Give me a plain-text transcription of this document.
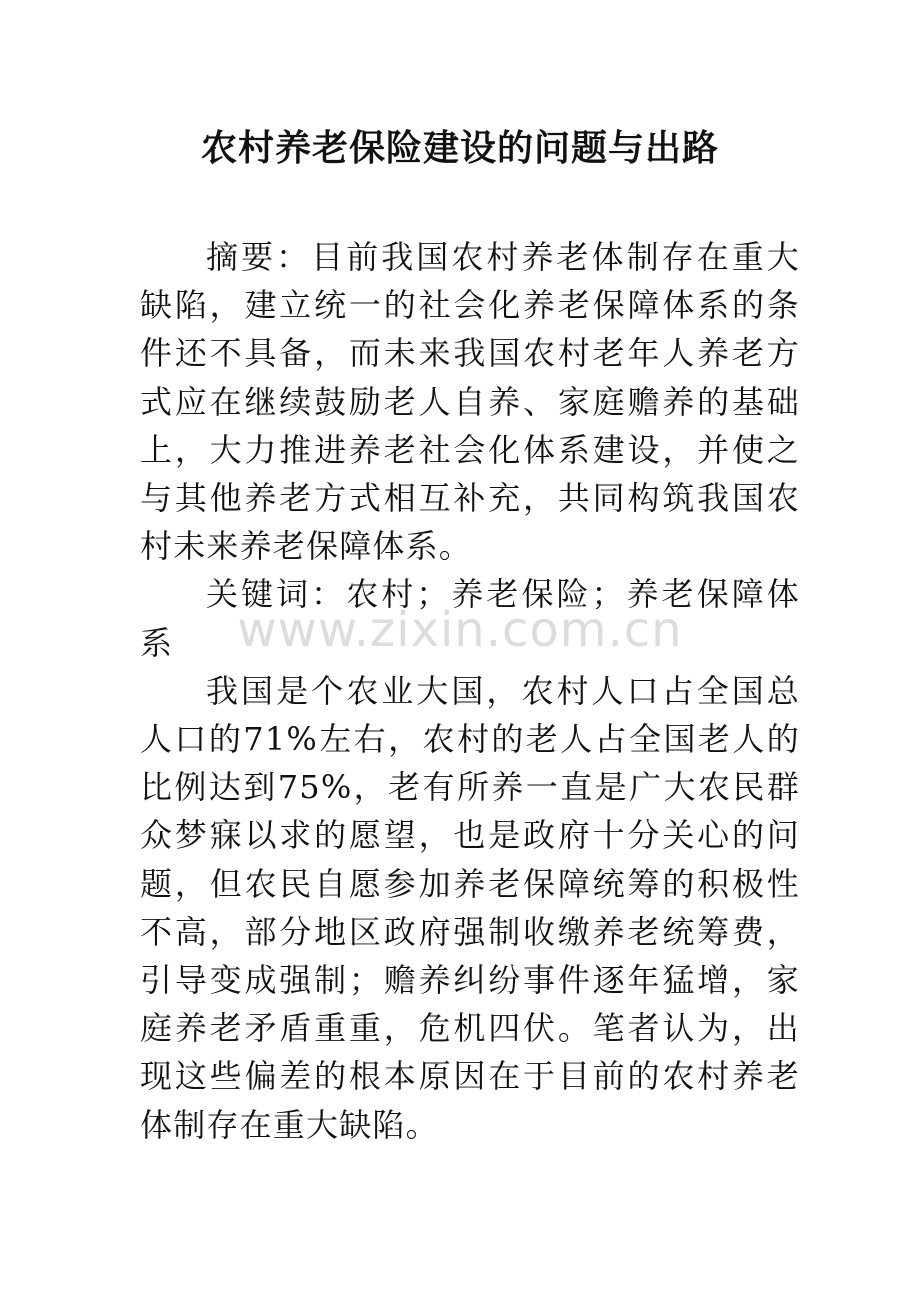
农村养老保险建设的问题与出路

摘要：目前我国农村养老体制存在重大缺陷，建立统一的社会化养老保障体系的条件还不具备，而未来我国农村老年人养老方式应在继续鼓励老人自养、家庭赡养的基础上，大力推进养老社会化体系建设，并使之与其他养老方式相互补充，共同构筑我国农村未来养老保障体系。

关键词：农村；养老保险；养老保障体系

我国是个农业大国，农村人口占全国总人口的71%左右，农村的老人占全国老人的比例达到75%，老有所养一直是广大农民群众梦寐以求的愿望，也是政府十分关心的问题，但农民自愿参加养老保障统筹的积极性不高，部分地区政府强制收缴养老统筹费，引导变成强制；赡养纠纷事件逐年猛增，家庭养老矛盾重重，危机四伏。笔者认为，出现这些偏差的根本原因在于目前的农村养老体制存在重大缺陷。

www.zixin.com.cn
